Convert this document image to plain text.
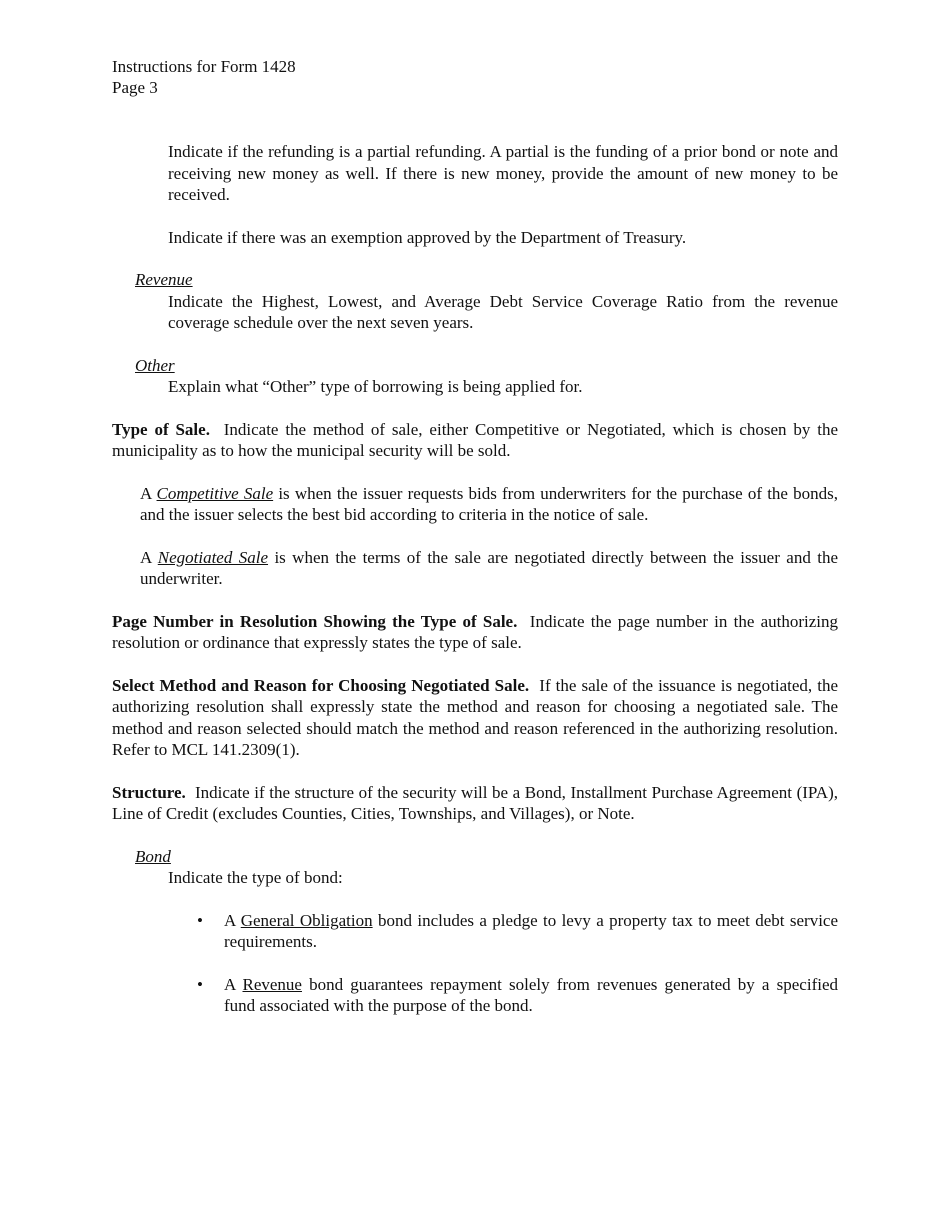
Instructions for Form 1428
Page 3

Indicate if the refunding is a partial refunding. A partial is the funding of a prior bond or note and receiving new money as well. If there is new money, provide the amount of new money to be received.

Indicate if there was an exemption approved by the Department of Treasury.

Revenue

Indicate the Highest, Lowest, and Average Debt Service Coverage Ratio from the revenue coverage schedule over the next seven years.

Other

Explain what “Other” type of borrowing is being applied for.

Type of Sale. Indicate the method of sale, either Competitive or Negotiated, which is chosen by the municipality as to how the municipal security will be sold.

A Competitive Sale is when the issuer requests bids from underwriters for the purchase of the bonds, and the issuer selects the best bid according to criteria in the notice of sale.

A Negotiated Sale is when the terms of the sale are negotiated directly between the issuer and the underwriter.

Page Number in Resolution Showing the Type of Sale. Indicate the page number in the authorizing resolution or ordinance that expressly states the type of sale.

Select Method and Reason for Choosing Negotiated Sale. If the sale of the issuance is negotiated, the authorizing resolution shall expressly state the method and reason for choosing a negotiated sale. The method and reason selected should match the method and reason referenced in the authorizing resolution. Refer to MCL 141.2309(1).

Structure. Indicate if the structure of the security will be a Bond, Installment Purchase Agreement (IPA), Line of Credit (excludes Counties, Cities, Townships, and Villages), or Note.

Bond

Indicate the type of bond:

• A General Obligation bond includes a pledge to levy a property tax to meet debt service requirements.
• A Revenue bond guarantees repayment solely from revenues generated by a specified fund associated with the purpose of the bond.
